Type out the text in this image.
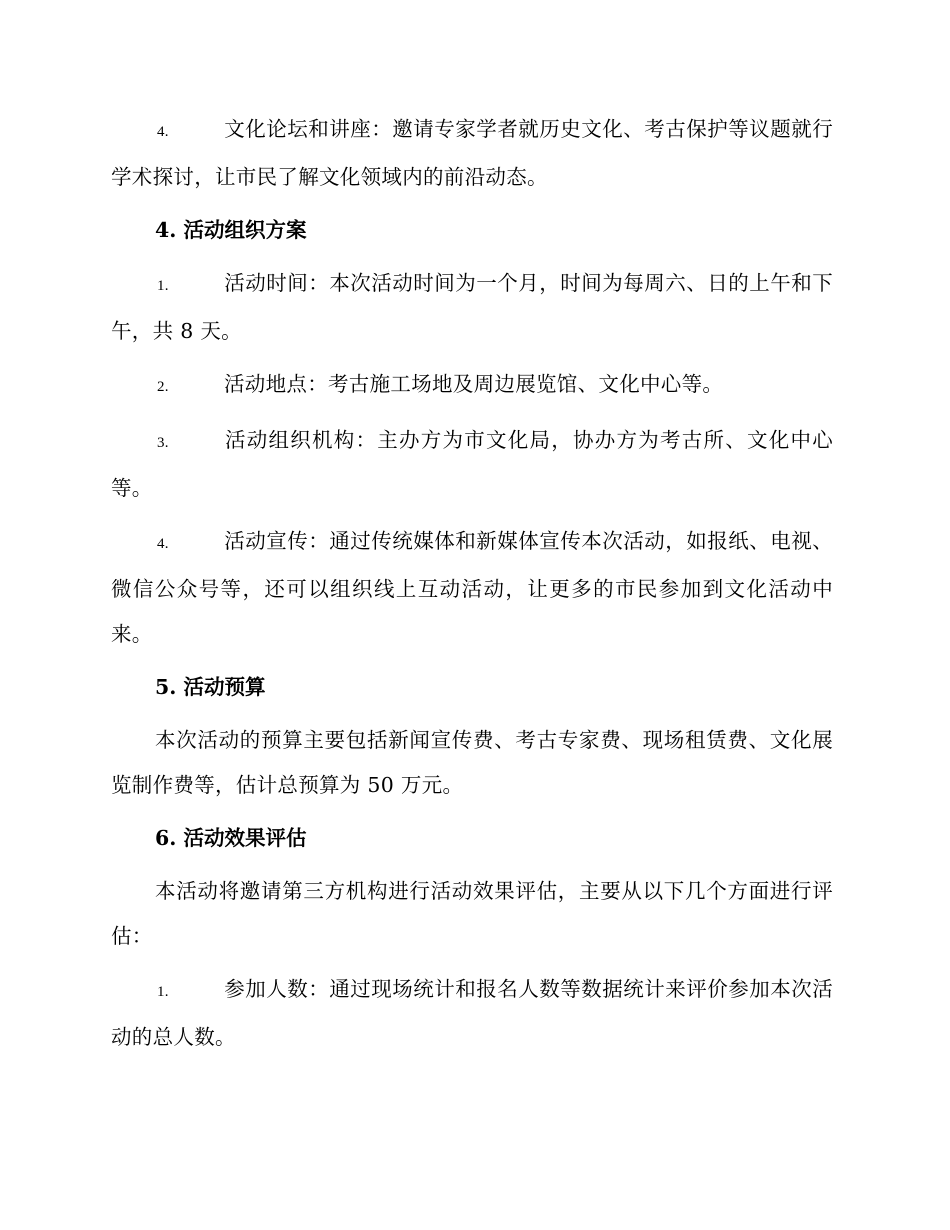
4.	文化论坛和讲座：邀请专家学者就历史文化、考古保护等议题就行学术探讨，让市民了解文化领域内的前沿动态。

4. 活动组织方案

1.	活动时间：本次活动时间为一个月，时间为每周六、日的上午和下午，共 8 天。

2.	活动地点：考古施工场地及周边展览馆、文化中心等。

3.	活动组织机构：主办方为市文化局，协办方为考古所、文化中心等。

4.	活动宣传：通过传统媒体和新媒体宣传本次活动，如报纸、电视、微信公众号等，还可以组织线上互动活动，让更多的市民参加到文化活动中来。

5. 活动预算

本次活动的预算主要包括新闻宣传费、考古专家费、现场租赁费、文化展览制作费等，估计总预算为 50 万元。

6. 活动效果评估

本活动将邀请第三方机构进行活动效果评估，主要从以下几个方面进行评估：

1.	参加人数：通过现场统计和报名人数等数据统计来评价参加本次活动的总人数。
